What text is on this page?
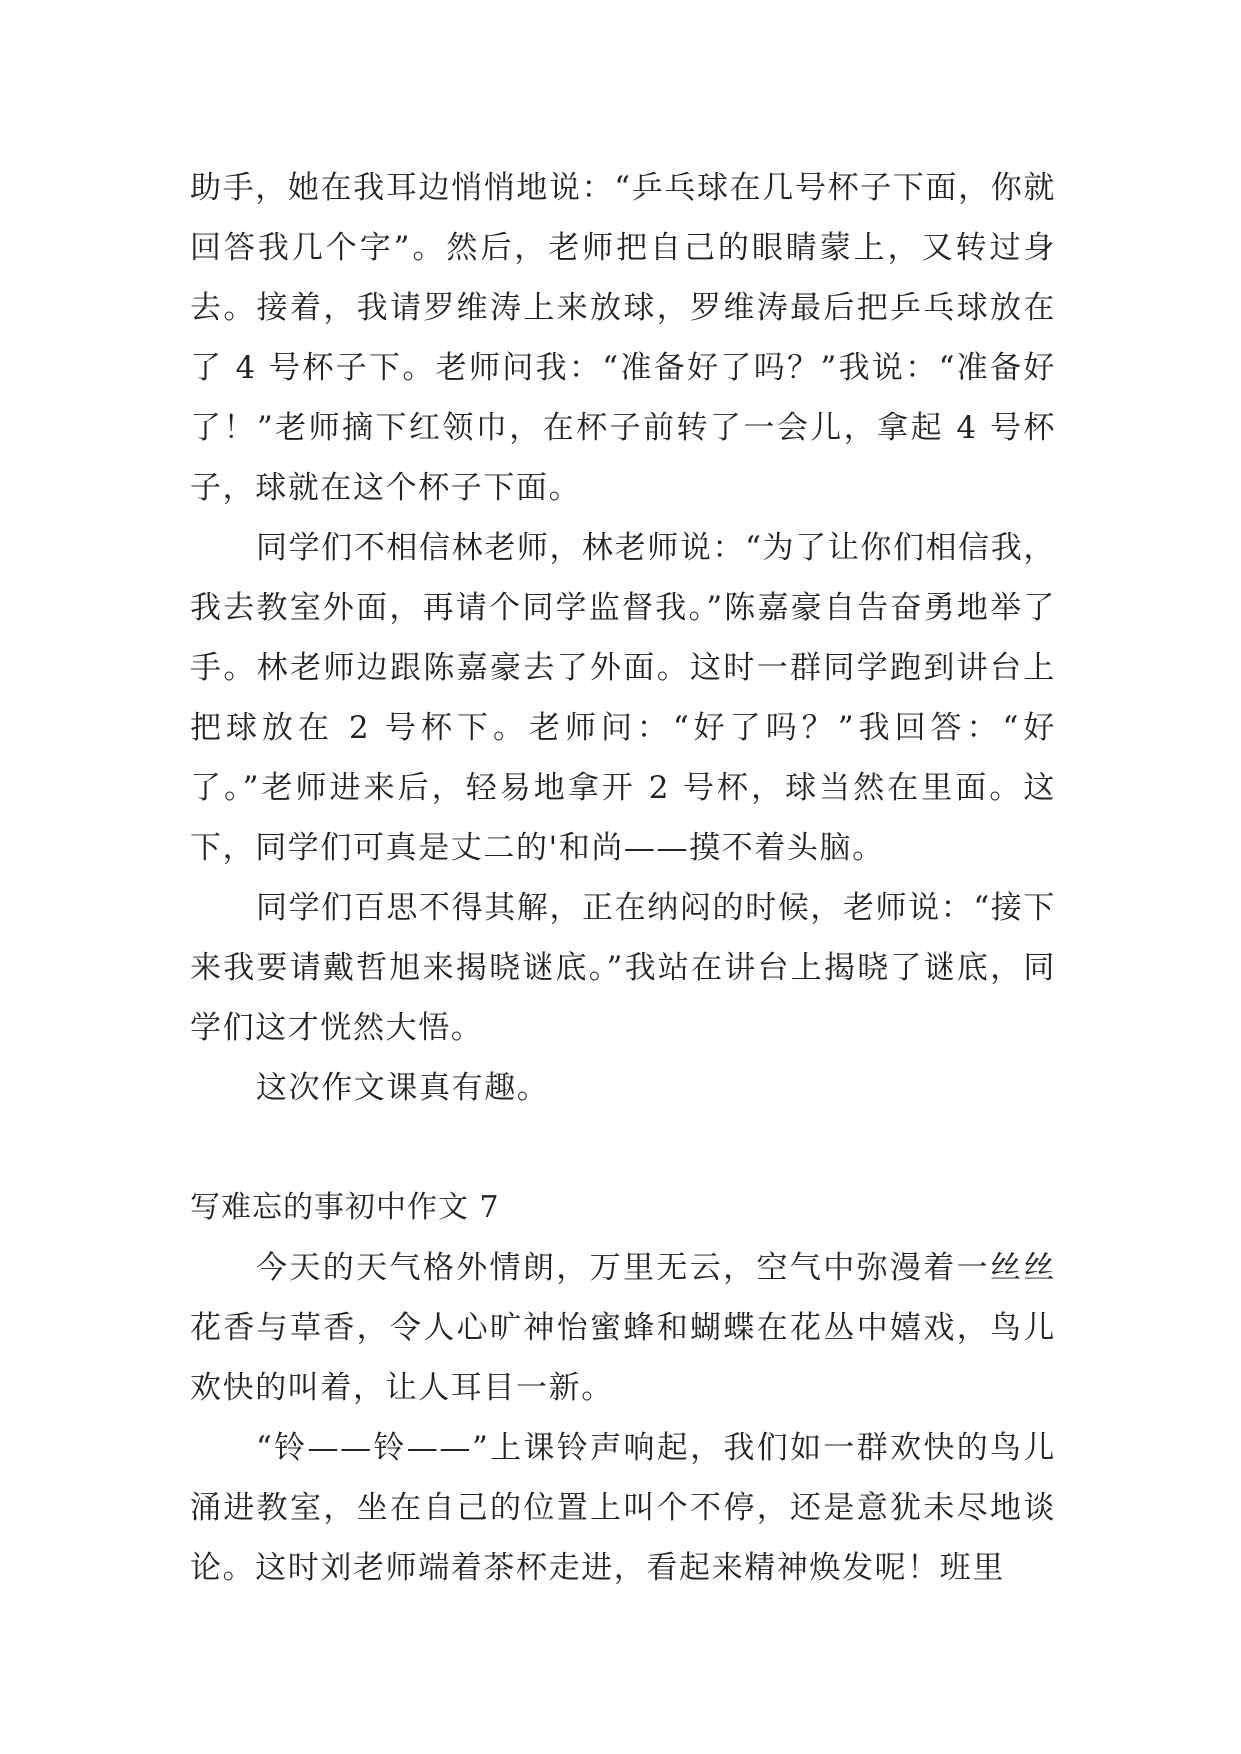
助手，她在我耳边悄悄地说：“乒乓球在几号杯子下面，你就回答我几个字”。然后，老师把自己的眼睛蒙上，又转过身去。接着，我请罗维涛上来放球，罗维涛最后把乒乓球放在了 4 号杯子下。老师问我：“准备好了吗？”我说：“准备好了！”老师摘下红领巾，在杯子前转了一会儿，拿起 4 号杯子，球就在这个杯子下面。

同学们不相信林老师，林老师说：“为了让你们相信我，我去教室外面，再请个同学监督我。”陈嘉豪自告奋勇地举了手。林老师边跟陈嘉豪去了外面。这时一群同学跑到讲台上把球放在 2 号杯下。老师问：“好了吗？”我回答：“好了。”老师进来后，轻易地拿开 2 号杯，球当然在里面。这下，同学们可真是丈二的'和尚——摸不着头脑。

同学们百思不得其解，正在纳闷的时候，老师说：“接下来我要请戴哲旭来揭晓谜底。”我站在讲台上揭晓了谜底，同学们这才恍然大悟。

这次作文课真有趣。

写难忘的事初中作文 7

今天的天气格外情朗，万里无云，空气中弥漫着一丝丝花香与草香，令人心旷神怡蜜蜂和蝴蝶在花丛中嬉戏，鸟儿欢快的叫着，让人耳目一新。

“铃——铃——”上课铃声响起，我们如一群欢快的鸟儿涌进教室，坐在自己的位置上叫个不停，还是意犹未尽地谈论。这时刘老师端着茶杯走进，看起来精神焕发呢！班里
